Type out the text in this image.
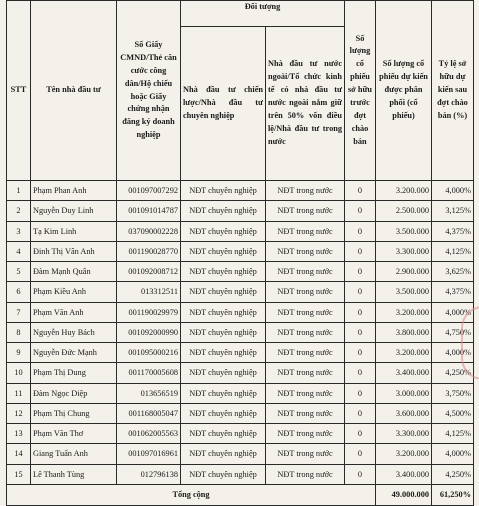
STT	Tên nhà đầu tư	Số Giấy CMND/Thẻ căn cước công dân/Hộ chiếu hoặc Giấy chứng nhận đăng ký doanh nghiệp	Đối tượng		Số lượng cổ phiếu sở hữu trước đợt chào bán	Số lượng cổ phiếu dự kiến được phân phối (cổ phiếu)	Tỷ lệ sở hữu dự kiến sau đợt chào bán (%)
			Nhà đầu tư chiến lược/Nhà đầu tư chuyên nghiệp	Nhà đầu tư nước ngoài/Tổ chức kinh tế có nhà đầu tư nước ngoài nắm giữ trên 50% vốn điều lệ/Nhà đầu tư trong nước			
1	Phạm Phan Anh	001097007292	NĐT chuyên nghiệp	NĐT trong nước	0	3.200.000	4,000%
2	Nguyễn Duy Linh	001091014787	NĐT chuyên nghiệp	NĐT trong nước	0	2.500.000	3,125%
3	Tạ Kim Linh	037090002228	NĐT chuyên nghiệp	NĐT trong nước	0	3.500.000	4,375%
4	Đinh Thị Vân Anh	001190028770	NĐT chuyên nghiệp	NĐT trong nước	0	3.300.000	4,125%
5	Đàm Mạnh Quân	001092008712	NĐT chuyên nghiệp	NĐT trong nước	0	2.900.000	3,625%
6	Phạm Kiều Anh	013312511	NĐT chuyên nghiệp	NĐT trong nước	0	3.500.000	4,375%
7	Phạm Văn Anh	001190029979	NĐT chuyên nghiệp	NĐT trong nước	0	3.200.000	4,000%
8	Nguyễn Huy Bách	001092000990	NĐT chuyên nghiệp	NĐT trong nước	0	3.800.000	4,750%
9	Nguyễn Đức Mạnh	001095000216	NĐT chuyên nghiệp	NĐT trong nước	0	3.200.000	4,000%
10	Phạm Thị Dung	001170005608	NĐT chuyên nghiệp	NĐT trong nước	0	3.400.000	4,250%
11	Đàm Ngọc Diệp	013656519	NĐT chuyên nghiệp	NĐT trong nước	0	3.000.000	3,750%
12	Phạm Thị Chung	001168005047	NĐT chuyên nghiệp	NĐT trong nước	0	3.600.000	4,500%
13	Phạm Văn Thơ	001062005563	NĐT chuyên nghiệp	NĐT trong nước	0	3.300.000	4,125%
14	Giang Tuấn Anh	001097016961	NĐT chuyên nghiệp	NĐT trong nước	0	3.200.000	4,000%
15	Lê Thanh Tùng	012796138	NĐT chuyên nghiệp	NĐT trong nước	0	3.400.000	4,250%
Tổng cộng						49.000.000	61,250%
